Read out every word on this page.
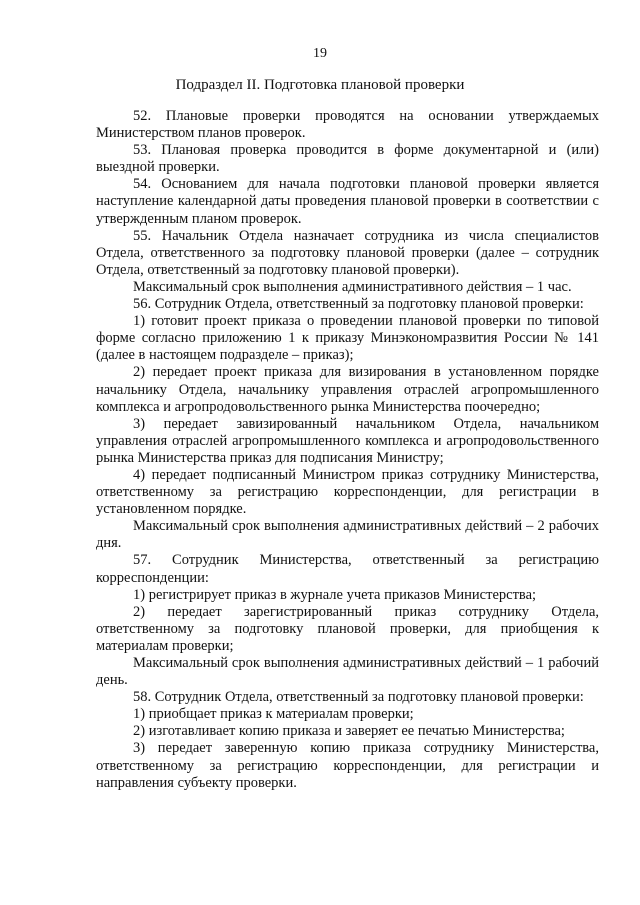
19
Подраздел II. Подготовка плановой проверки

52. Плановые проверки проводятся на основании утверждаемых Министерством планов проверок.

53. Плановая проверка проводится в форме документарной и (или) выездной проверки.

54. Основанием для начала подготовки плановой проверки является наступление календарной даты проведения плановой проверки в соответствии с утвержденным планом проверок.

55. Начальник Отдела назначает сотрудника из числа специалистов Отдела, ответственного за подготовку плановой проверки (далее – сотрудник Отдела, ответственный за подготовку плановой проверки).

Максимальный срок выполнения административного действия – 1 час.

56. Сотрудник Отдела, ответственный за подготовку плановой проверки:

1) готовит проект приказа о проведении плановой проверки по типовой форме согласно приложению 1 к приказу Минэкономразвития России № 141 (далее в настоящем подразделе – приказ);

2) передает проект приказа для визирования в установленном порядке начальнику Отдела, начальнику управления отраслей агропромышленного комплекса и агропродовольственного рынка Министерства поочередно;

3) передает завизированный начальником Отдела, начальником управления отраслей агропромышленного комплекса и агропродовольственного рынка Министерства приказ для подписания Министру;

4) передает подписанный Министром приказ сотруднику Министерства, ответственному за регистрацию корреспонденции, для регистрации в установленном порядке.

Максимальный срок выполнения административных действий – 2 рабочих дня.

57. Сотрудник Министерства, ответственный за регистрацию корреспонденции:

1) регистрирует приказ в журнале учета приказов Министерства;

2) передает зарегистрированный приказ сотруднику Отдела, ответственному за подготовку плановой проверки, для приобщения к материалам проверки;

Максимальный срок выполнения административных действий – 1 рабочий день.

58. Сотрудник Отдела, ответственный за подготовку плановой проверки:

1) приобщает приказ к материалам проверки;

2) изготавливает копию приказа и заверяет ее печатью Министерства;

3) передает заверенную копию приказа сотруднику Министерства, ответственному за регистрацию корреспонденции, для регистрации и направления субъекту проверки.
